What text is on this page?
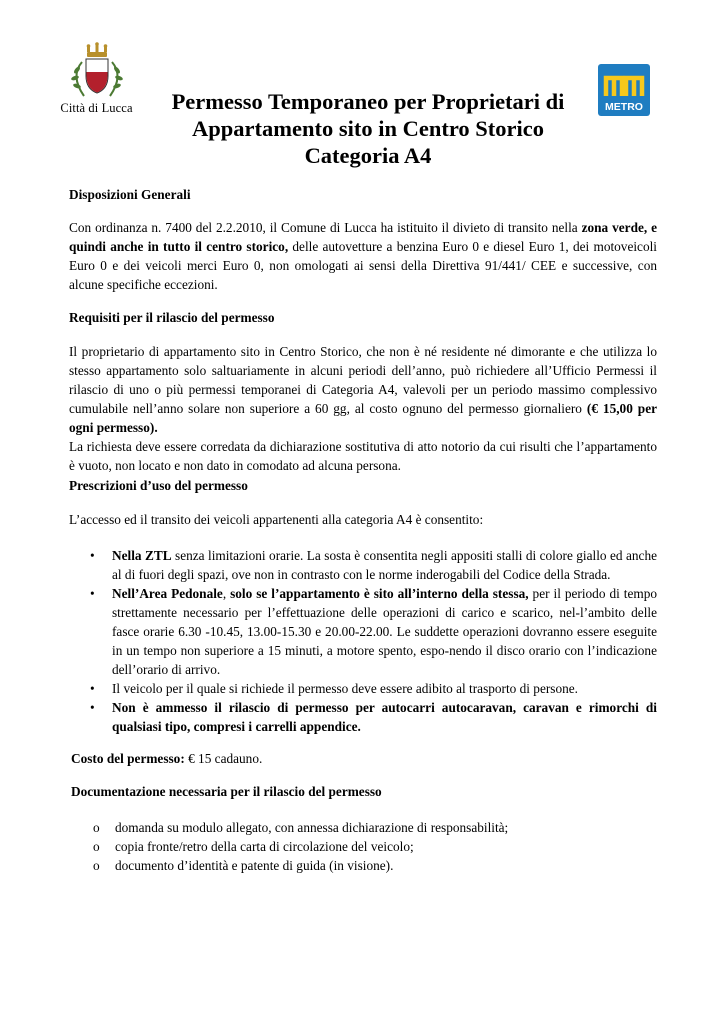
Città di Lucca	METRO
Permesso Temporaneo per Proprietari di
Appartamento sito in Centro Storico
Categoria A4

Disposizioni Generali

Con ordinanza n. 7400 del 2.2.2010, il Comune di Lucca ha istituito il divieto di transito nella zona verde, e quindi anche in tutto il centro storico, delle autovetture a benzina Euro 0 e diesel Euro 1, dei motoveicoli Euro 0 e dei veicoli merci Euro 0, non omologati ai sensi della Direttiva 91/441/ CEE e successive, con alcune specifiche eccezioni.

Requisiti per il rilascio del permesso

Il proprietario di appartamento sito in Centro Storico, che non è né residente né dimorante e che utilizza lo stesso appartamento solo saltuariamente in alcuni periodi dell’anno, può richiedere all’Ufficio Permessi il rilascio di uno o più permessi temporanei di Categoria A4, valevoli per un periodo massimo complessivo cumulabile nell’anno solare non superiore a 60 gg, al costo ognuno del permesso giornaliero (€ 15,00 per ogni permesso).

La richiesta deve essere corredata da dichiarazione sostitutiva di atto notorio da cui risulti che l’appartamento è vuoto, non locato e non dato in comodato ad alcuna persona.

Prescrizioni d’uso del permesso

L’accesso ed il transito dei veicoli appartenenti alla categoria A4 è consentito:

• Nella ZTL senza limitazioni orarie. La sosta è consentita negli appositi stalli di colore giallo ed anche al di fuori degli spazi, ove non in contrasto con le norme inderogabili del Codice della Strada.
• Nell’Area Pedonale, solo se l’appartamento è sito all’interno della stessa, per il periodo di tempo strettamente necessario per l’effettuazione delle operazioni di carico e scarico, nel-l’ambito delle fasce orarie 6.30 -10.45, 13.00-15.30 e 20.00-22.00. Le suddette operazioni dovranno essere eseguite in un tempo non superiore a 15 minuti, a motore spento, espo-nendo il disco orario con l’indicazione dell’orario di arrivo.
• Il veicolo per il quale si richiede il permesso deve essere adibito al trasporto di persone.
• Non è ammesso il rilascio di permesso per autocarri autocaravan, caravan e rimorchi di qualsiasi tipo, compresi i carrelli appendice.

Costo del permesso: € 15 cadauno.

Documentazione necessaria per il rilascio del permesso

o domanda su modulo allegato, con annessa dichiarazione di responsabilità;
o copia fronte/retro della carta di circolazione del veicolo;
o documento d’identità e patente di guida (in visione).
